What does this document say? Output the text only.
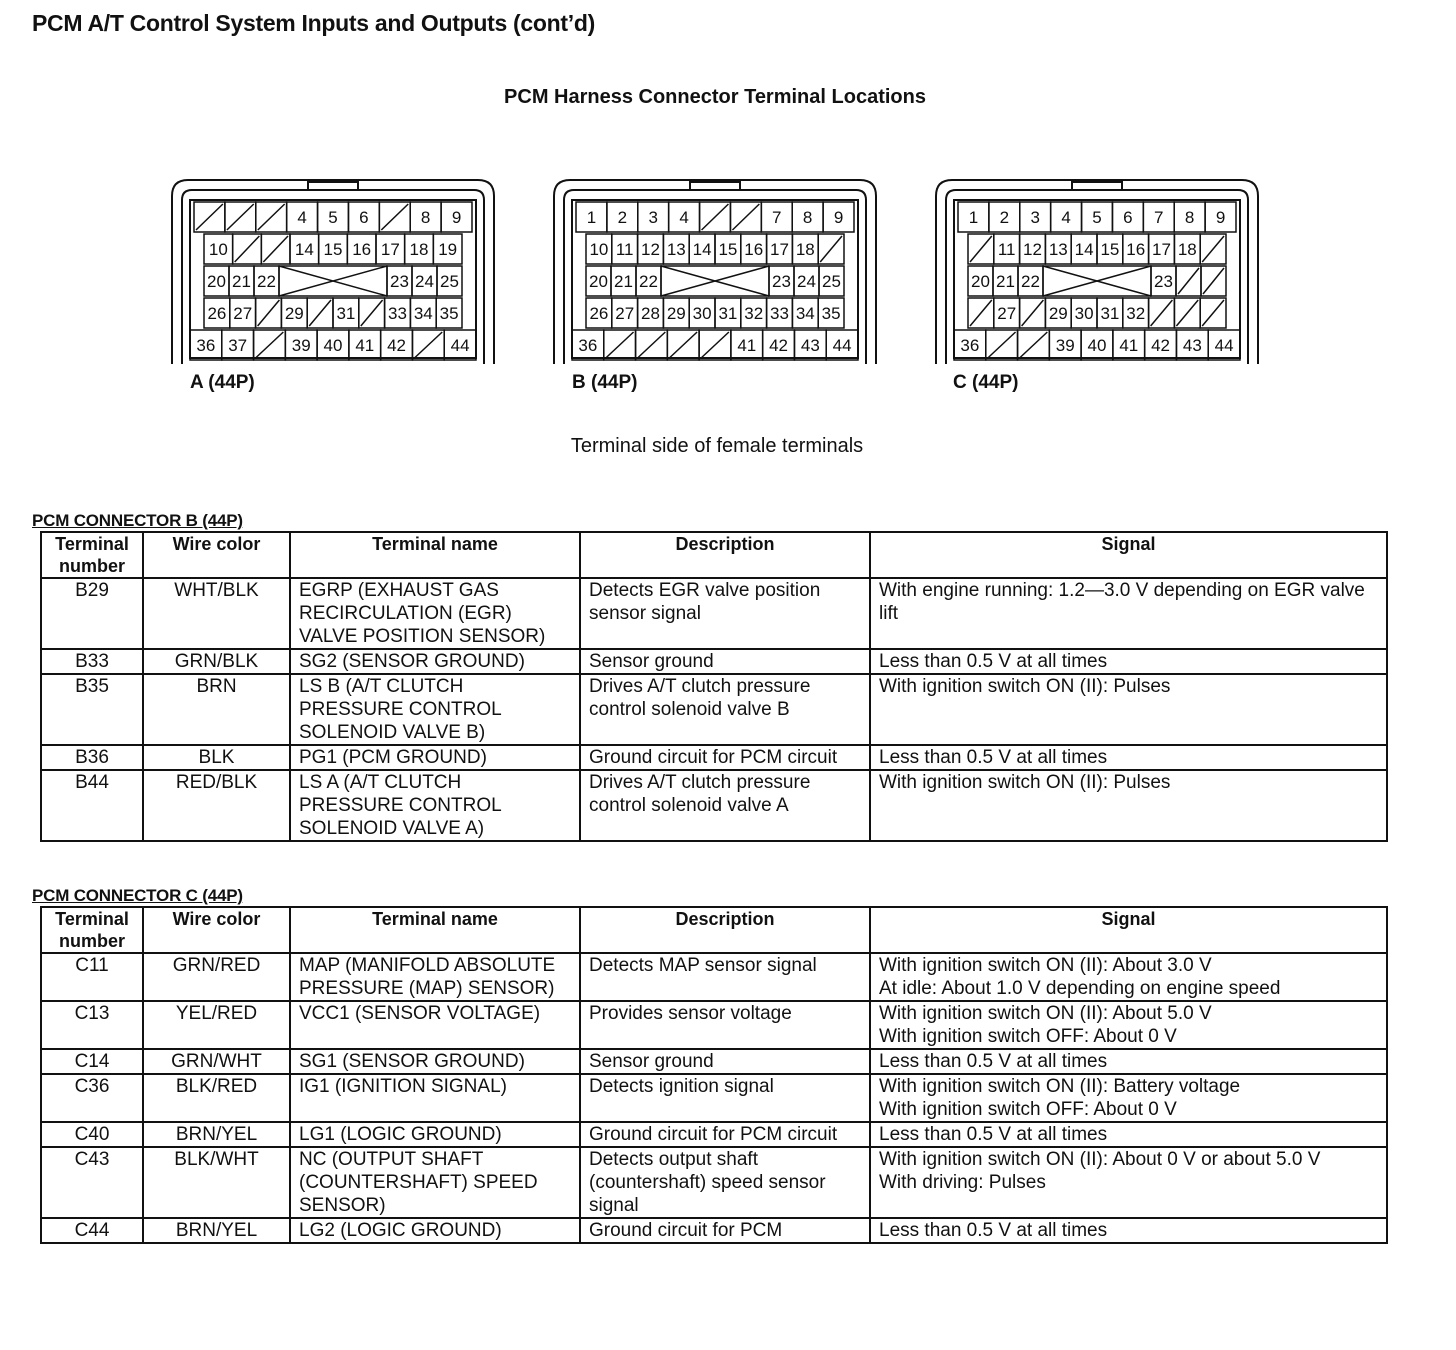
PCM A/T Control System Inputs and Outputs (cont’d)
PCM Harness Connector Terminal Locations
4 5 6	8 9
10	14 15 16 17 18 19
20 21 22	23 24 25
26 27 29 31 33 34 35
36 37	39 40 41 42	44
1 2 3 4	7 8 9
10 11 12 13 14 15 16 17 18
20 21 22	23 24 25
26 27 28 29 30 31 32 33 34 35
36	41 42 43 44
1 2 3 4 5 6 7 8 9
11 12 13 14 15 16 17 18
20 21 22	23
27 29 30 31 32
36	39 40 41 42 43 44
A (44P)	B (44P)	C (44P)
Terminal side of female terminals
PCM CONNECTOR B (44P)
Terminal number	Wire color	Terminal name	Description	Signal
B29	WHT/BLK	EGRP (EXHAUST GAS RECIRCULATION (EGR) VALVE POSITION SENSOR)	Detects EGR valve position sensor signal	With engine running: 1.2—3.0 V depending on EGR valve lift
B33	GRN/BLK	SG2 (SENSOR GROUND)	Sensor ground	Less than 0.5 V at all times
B35	BRN	LS B (A/T CLUTCH PRESSURE CONTROL SOLENOID VALVE B)	Drives A/T clutch pressure control solenoid valve B	With ignition switch ON (II): Pulses
B36	BLK	PG1 (PCM GROUND)	Ground circuit for PCM circuit	Less than 0.5 V at all times
B44	RED/BLK	LS A (A/T CLUTCH PRESSURE CONTROL SOLENOID VALVE A)	Drives A/T clutch pressure control solenoid valve A	With ignition switch ON (II): Pulses
PCM CONNECTOR C (44P)
Terminal number	Wire color	Terminal name	Description	Signal
C11	GRN/RED	MAP (MANIFOLD ABSOLUTE PRESSURE (MAP) SENSOR)	Detects MAP sensor signal	With ignition switch ON (II): About 3.0 V
At idle: About 1.0 V depending on engine speed
C13	YEL/RED	VCC1 (SENSOR VOLTAGE)	Provides sensor voltage	With ignition switch ON (II): About 5.0 V
With ignition switch OFF: About 0 V
C14	GRN/WHT	SG1 (SENSOR GROUND)	Sensor ground	Less than 0.5 V at all times
C36	BLK/RED	IG1 (IGNITION SIGNAL)	Detects ignition signal	With ignition switch ON (II): Battery voltage
With ignition switch OFF: About 0 V
C40	BRN/YEL	LG1 (LOGIC GROUND)	Ground circuit for PCM circuit	Less than 0.5 V at all times
C43	BLK/WHT	NC (OUTPUT SHAFT (COUNTERSHAFT) SPEED SENSOR)	Detects output shaft (countershaft) speed sensor signal	With ignition switch ON (II): About 0 V or about 5.0 V
With driving: Pulses
C44	BRN/YEL	LG2 (LOGIC GROUND)	Ground circuit for PCM	Less than 0.5 V at all times
